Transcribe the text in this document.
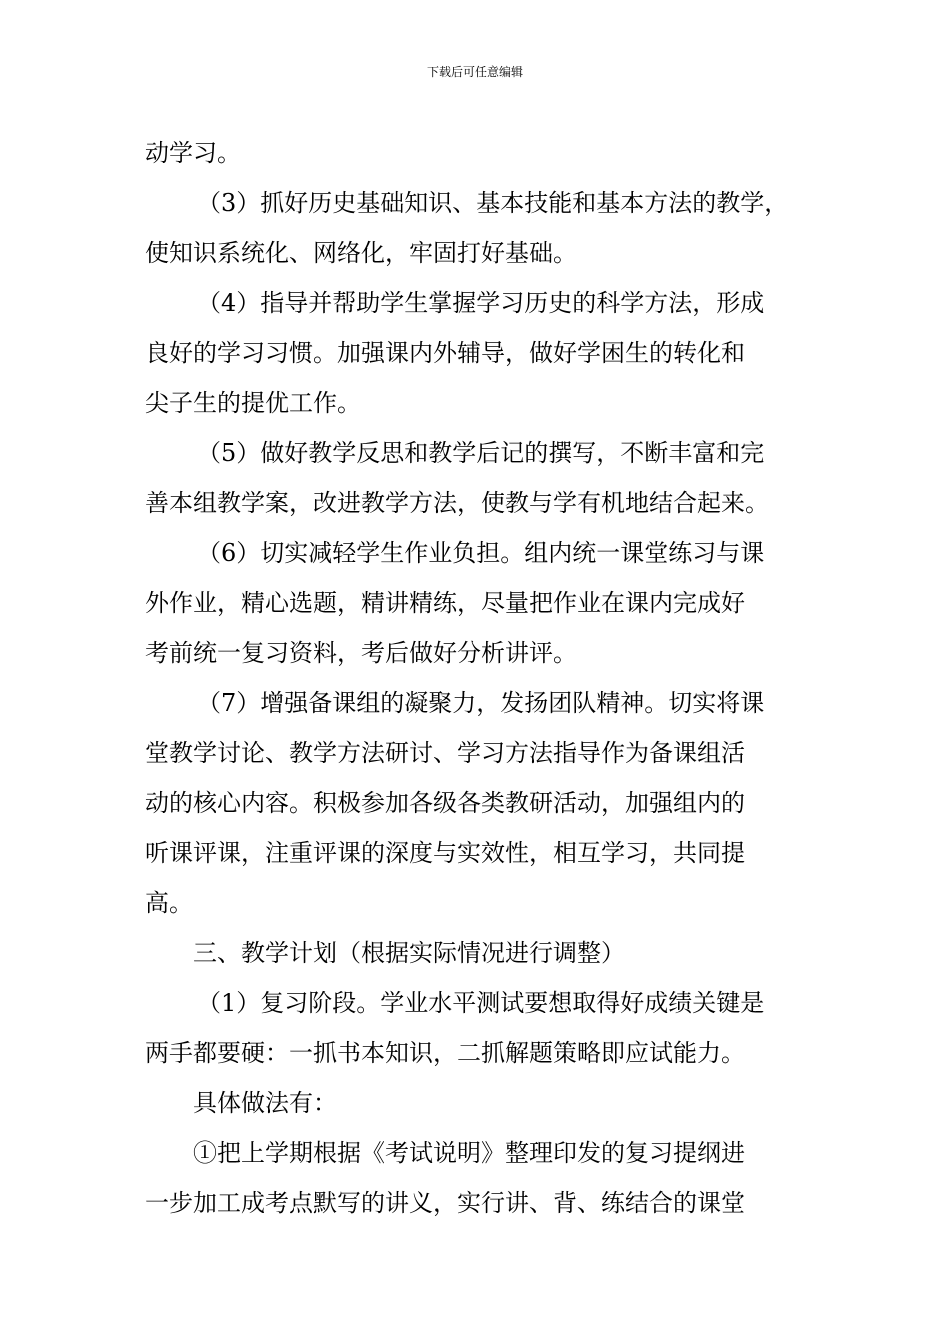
下载后可任意编辑
动学习。
（3）抓好历史基础知识、基本技能和基本方法的教学，
使知识系统化、网络化，牢固打好基础。
（4）指导并帮助学生掌握学习历史的科学方法，形成
良好的学习习惯。加强课内外辅导，做好学困生的转化和
尖子生的提优工作。
（5）做好教学反思和教学后记的撰写，不断丰富和完
善本组教学案，改进教学方法，使教与学有机地结合起来。
（6）切实减轻学生作业负担。组内统一课堂练习与课
外作业，精心选题，精讲精练，尽量把作业在课内完成好
考前统一复习资料，考后做好分析讲评。
（7）增强备课组的凝聚力，发扬团队精神。切实将课
堂教学讨论、教学方法研讨、学习方法指导作为备课组活
动的核心内容。积极参加各级各类教研活动，加强组内的
听课评课，注重评课的深度与实效性，相互学习，共同提
高。
三、教学计划（根据实际情况进行调整）
（1）复习阶段。学业水平测试要想取得好成绩关键是
两手都要硬：一抓书本知识，二抓解题策略即应试能力。
具体做法有：
①把上学期根据《考试说明》整理印发的复习提纲进
一步加工成考点默写的讲义，实行讲、背、练结合的课堂
